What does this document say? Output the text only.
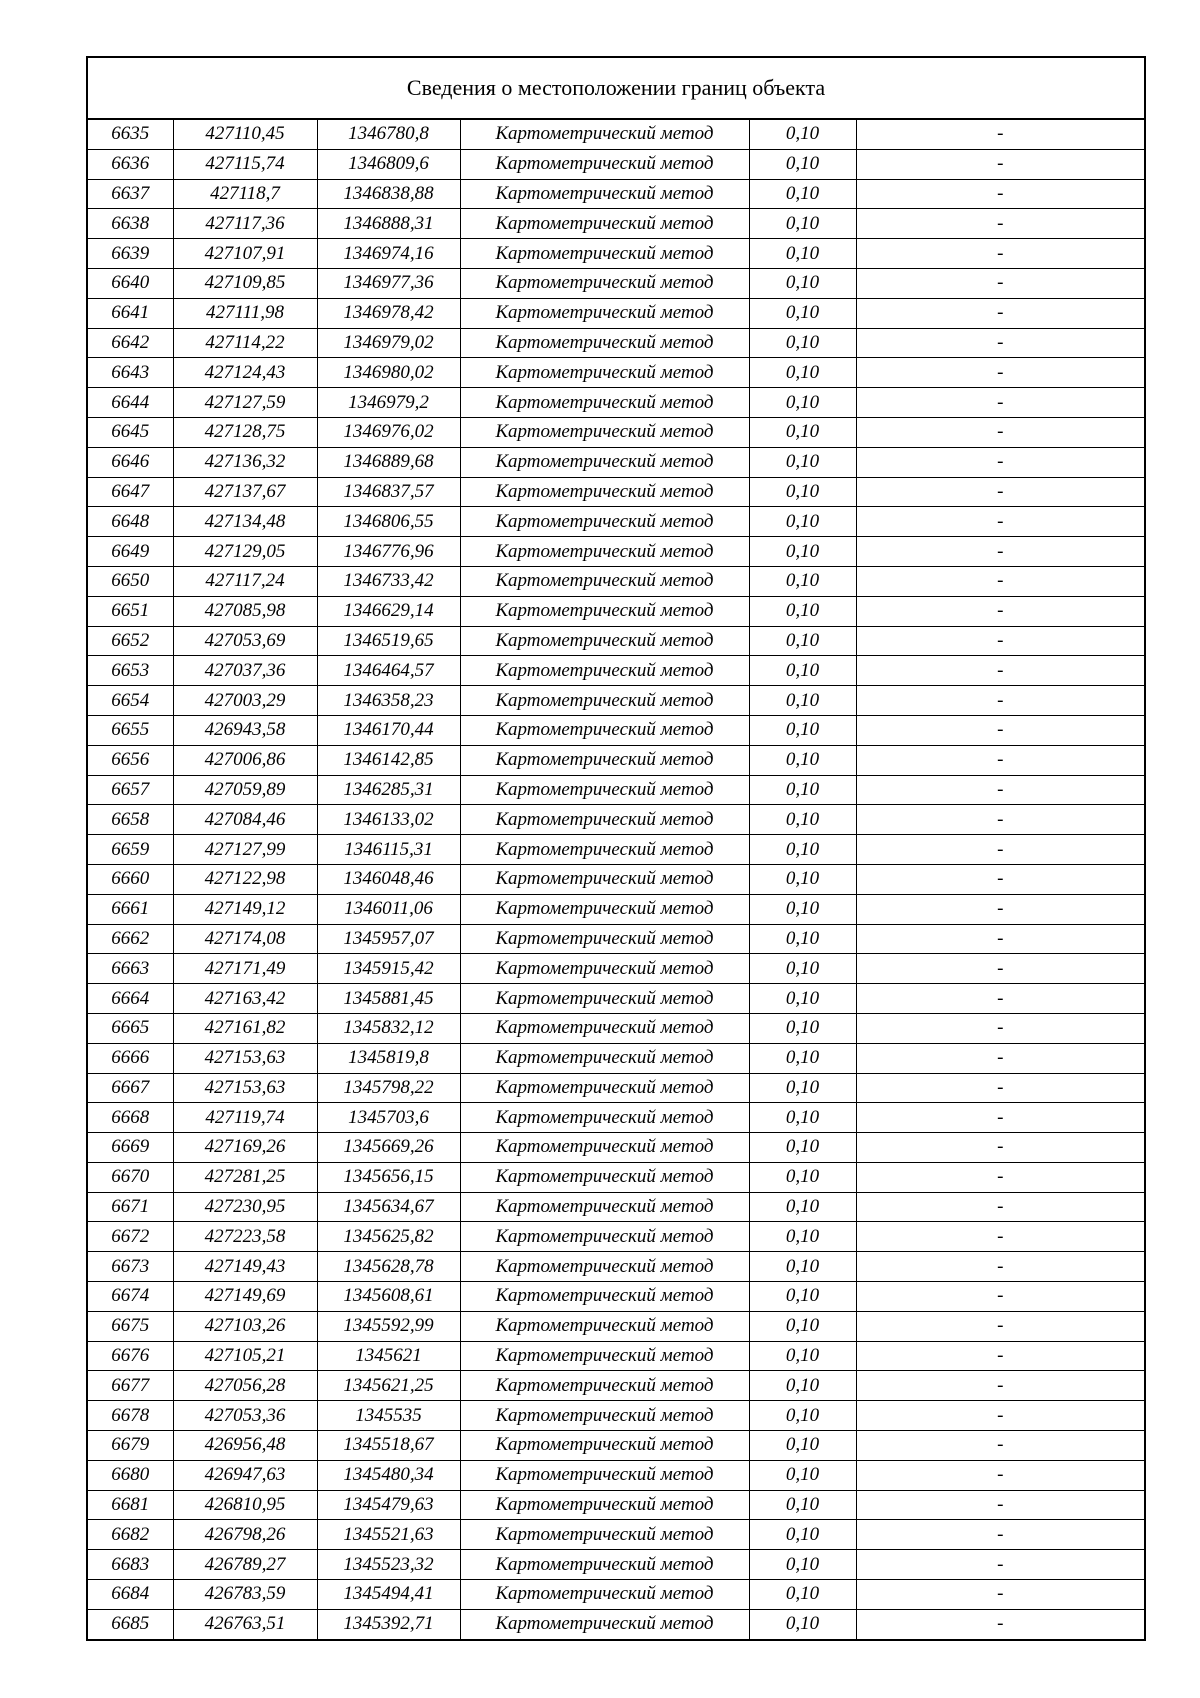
Сведения о местоположении границ объекта
6635	427110,45	1346780,8	Картометрический метод	0,10	-
6636	427115,74	1346809,6	Картометрический метод	0,10	-
6637	427118,7	1346838,88	Картометрический метод	0,10	-
6638	427117,36	1346888,31	Картометрический метод	0,10	-
6639	427107,91	1346974,16	Картометрический метод	0,10	-
6640	427109,85	1346977,36	Картометрический метод	0,10	-
6641	427111,98	1346978,42	Картометрический метод	0,10	-
6642	427114,22	1346979,02	Картометрический метод	0,10	-
6643	427124,43	1346980,02	Картометрический метод	0,10	-
6644	427127,59	1346979,2	Картометрический метод	0,10	-
6645	427128,75	1346976,02	Картометрический метод	0,10	-
6646	427136,32	1346889,68	Картометрический метод	0,10	-
6647	427137,67	1346837,57	Картометрический метод	0,10	-
6648	427134,48	1346806,55	Картометрический метод	0,10	-
6649	427129,05	1346776,96	Картометрический метод	0,10	-
6650	427117,24	1346733,42	Картометрический метод	0,10	-
6651	427085,98	1346629,14	Картометрический метод	0,10	-
6652	427053,69	1346519,65	Картометрический метод	0,10	-
6653	427037,36	1346464,57	Картометрический метод	0,10	-
6654	427003,29	1346358,23	Картометрический метод	0,10	-
6655	426943,58	1346170,44	Картометрический метод	0,10	-
6656	427006,86	1346142,85	Картометрический метод	0,10	-
6657	427059,89	1346285,31	Картометрический метод	0,10	-
6658	427084,46	1346133,02	Картометрический метод	0,10	-
6659	427127,99	1346115,31	Картометрический метод	0,10	-
6660	427122,98	1346048,46	Картометрический метод	0,10	-
6661	427149,12	1346011,06	Картометрический метод	0,10	-
6662	427174,08	1345957,07	Картометрический метод	0,10	-
6663	427171,49	1345915,42	Картометрический метод	0,10	-
6664	427163,42	1345881,45	Картометрический метод	0,10	-
6665	427161,82	1345832,12	Картометрический метод	0,10	-
6666	427153,63	1345819,8	Картометрический метод	0,10	-
6667	427153,63	1345798,22	Картометрический метод	0,10	-
6668	427119,74	1345703,6	Картометрический метод	0,10	-
6669	427169,26	1345669,26	Картометрический метод	0,10	-
6670	427281,25	1345656,15	Картометрический метод	0,10	-
6671	427230,95	1345634,67	Картометрический метод	0,10	-
6672	427223,58	1345625,82	Картометрический метод	0,10	-
6673	427149,43	1345628,78	Картометрический метод	0,10	-
6674	427149,69	1345608,61	Картометрический метод	0,10	-
6675	427103,26	1345592,99	Картометрический метод	0,10	-
6676	427105,21	1345621	Картометрический метод	0,10	-
6677	427056,28	1345621,25	Картометрический метод	0,10	-
6678	427053,36	1345535	Картометрический метод	0,10	-
6679	426956,48	1345518,67	Картометрический метод	0,10	-
6680	426947,63	1345480,34	Картометрический метод	0,10	-
6681	426810,95	1345479,63	Картометрический метод	0,10	-
6682	426798,26	1345521,63	Картометрический метод	0,10	-
6683	426789,27	1345523,32	Картометрический метод	0,10	-
6684	426783,59	1345494,41	Картометрический метод	0,10	-
6685	426763,51	1345392,71	Картометрический метод	0,10	-
